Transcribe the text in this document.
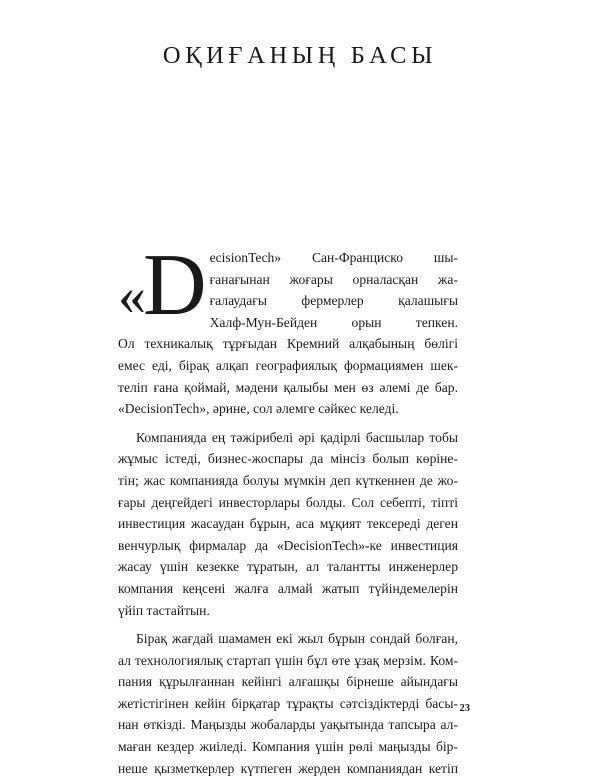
ОҚИҒАНЫҢ БАСЫ

« D ecisionTech» Сан-Франциско шы-
ғанағынан жоғары орналасқан жа-
ғалаудағы фермерлер қалашығы
Халф-Мун-Бейден орын тепкен.
Ол техникалық тұрғыдан Кремний алқабының бөлігі
емес еді, бірақ алқап географиялық формациямен шек-
теліп ғана қоймай, мәдени қалыбы мен өз әлемі де бар.
«DecisionTech», әрине, сол әлемге сәйкес келеді.

Компанияда ең тәжірибелі әрі қадірлі басшылар тобы
жұмыс істеді, бизнес-жоспары да мінсіз болып көріне-
тін; жас компанияда болуы мүмкін деп күткеннен де жо-
ғары деңгейдегі инвесторлары болды. Сол себепті, тіпті
инвестиция жасаудан бұрын, аса мұқият тексереді деген
венчурлық фирмалар да «DecisionTech»-ке инвестиция
жасау үшін кезекке тұратын, ал талантты инженерлер
компания кеңсені жалға алмай жатып түйіндемелерін
үйіп тастайтын.

Бірақ жағдай шамамен екі жыл бұрын сондай болған,
ал технологиялық стартап үшін бұл өте ұзақ мерзім. Ком-
пания құрылғаннан кейінгі алғашқы бірнеше айындағы
жетістігінен кейін бірқатар тұрақты сәтсіздіктерді басы-
нан өткізді. Маңызды жобаларды уақытында тапсыра ал-
маған кездер жиіледі. Компания үшін рөлі маңызды бір-
неше қызметкерлер күтпеген жерден компаниядан кетіп

23
